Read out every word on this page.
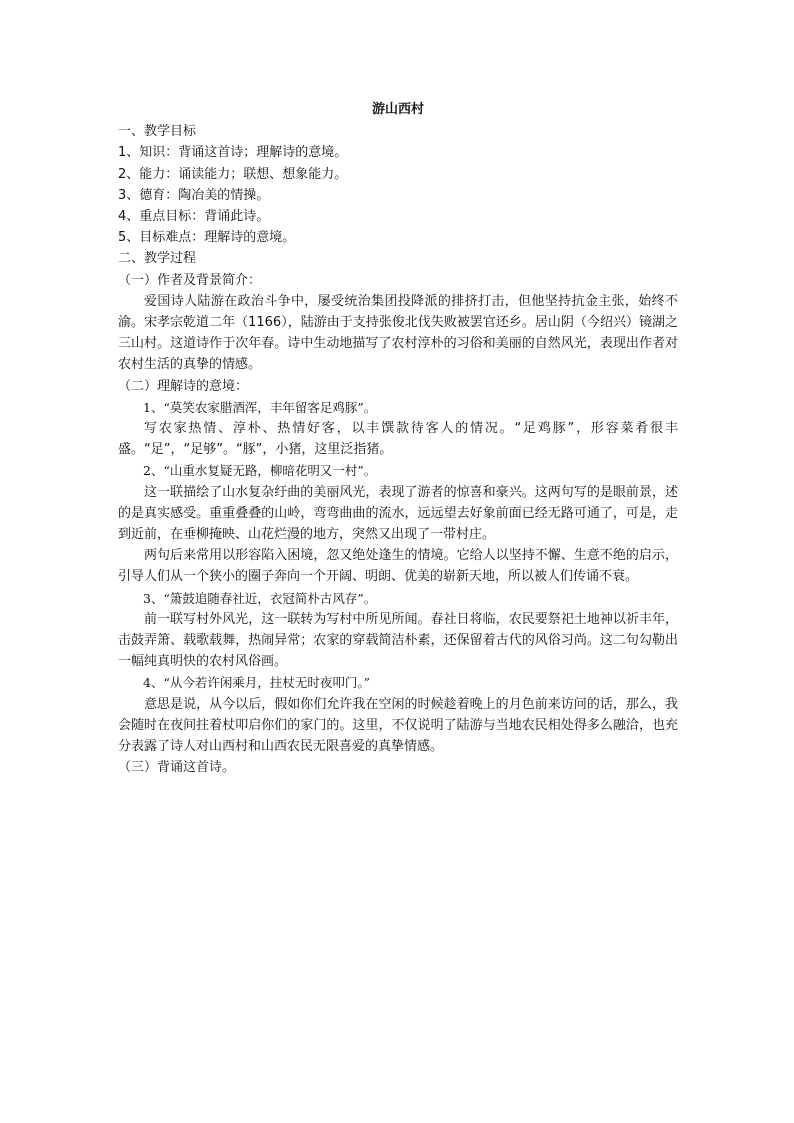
游山西村
一、教学目标
1、知识：背诵这首诗；理解诗的意境。
2、能力：诵读能力；联想、想象能力。
3、德育：陶冶美的情操。
4、重点目标：背诵此诗。
5、目标难点：理解诗的意境。
二、教学过程
（一）作者及背景简介：
爱国诗人陆游在政治斗争中，屡受统治集团投降派的排挤打击，但他坚持抗金主张，始终不渝。宋孝宗乾道二年（1166），陆游由于支持张俊北伐失败被罢官还乡。居山阴（今绍兴）镜湖之三山村。这道诗作于次年春。诗中生动地描写了农村淳朴的习俗和美丽的自然风光，表现出作者对农村生活的真挚的情感。
（二）理解诗的意境：
1、“莫笑农家腊酒浑，丰年留客足鸡豚”。
写农家热情、淳朴、热情好客，以丰馔款待客人的情况。“足鸡豚”，形容菜肴很丰盛。“足”，“足够”。“豚”，小猪，这里泛指猪。
2、“山重水复疑无路，柳暗花明又一村”。
这一联描绘了山水复杂纡曲的美丽风光，表现了游者的惊喜和豪兴。这两句写的是眼前景，述的是真实感受。重重叠叠的山岭，弯弯曲曲的流水，远远望去好象前面已经无路可通了，可是，走到近前，在垂柳掩映、山花烂漫的地方，突然又出现了一带村庄。
两句后来常用以形容陷入困境，忽又绝处逢生的情境。它给人以坚持不懈、生意不绝的启示，引导人们从一个狭小的圈子奔向一个开阔、明朗、优美的崭新天地，所以被人们传诵不衰。
3、“箫鼓追随春社近，衣冠简朴古风存”。
前一联写村外风光，这一联转为写村中所见所闻。春社日将临，农民要祭祀土地神以祈丰年，击鼓弄箫、载歌载舞，热闹异常；农家的穿载简洁朴素，还保留着古代的风俗习尚。这二句勾勒出一幅纯真明快的农村风俗画。
4、“从今若许闲乘月，拄杖无时夜叩门。”
意思是说，从今以后，假如你们允许我在空闲的时候趁着晚上的月色前来访问的话，那么，我会随时在夜间拄着杖叩启你们的家门的。这里，不仅说明了陆游与当地农民相处得多么融洽，也充分表露了诗人对山西村和山西农民无限喜爱的真挚情感。
（三）背诵这首诗。
